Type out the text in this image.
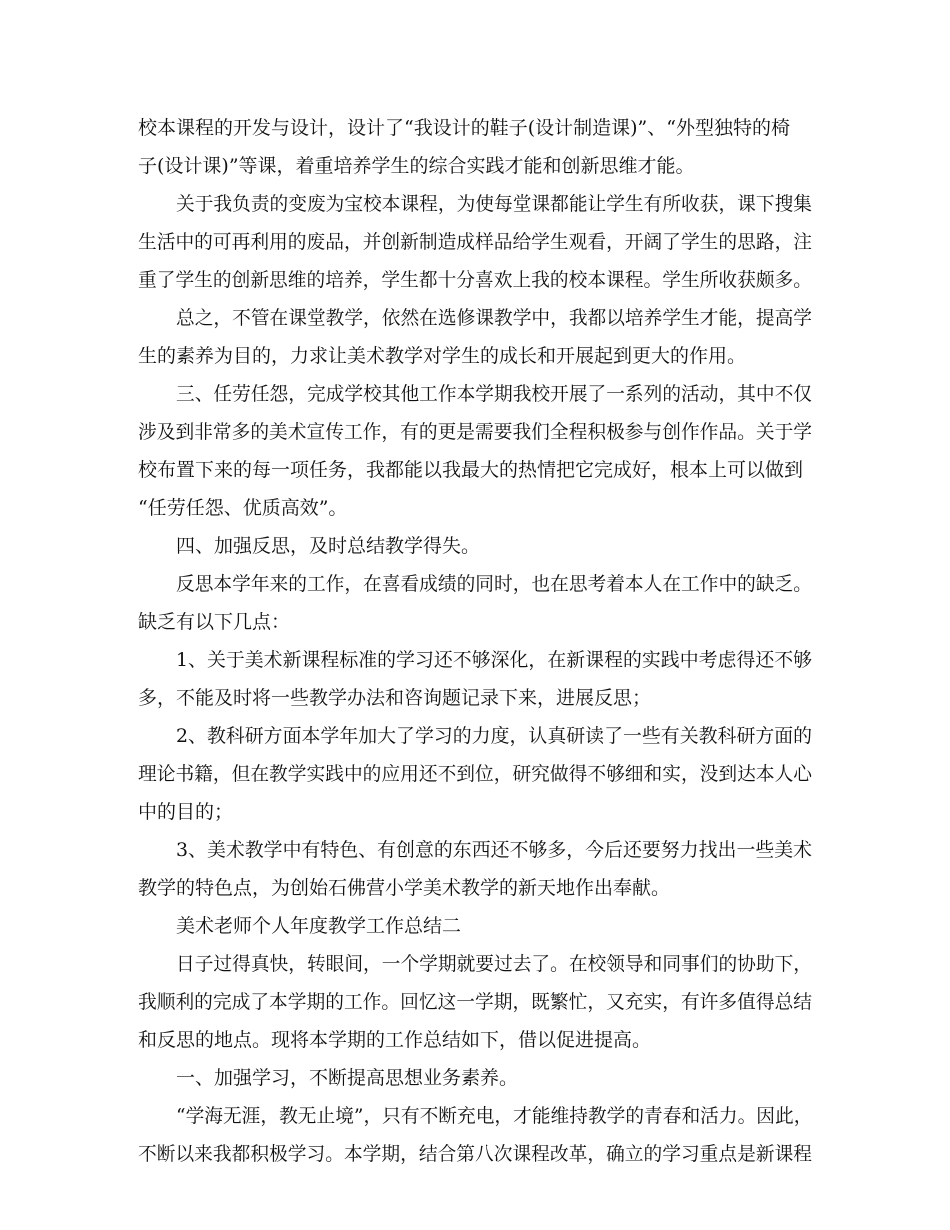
校本课程的开发与设计，设计了“我设计的鞋子(设计制造课)”、“外型独特的椅
子(设计课)”等课，着重培养学生的综合实践才能和创新思维才能。
关于我负责的变废为宝校本课程，为使每堂课都能让学生有所收获，课下搜集
生活中的可再利用的废品，并创新制造成样品给学生观看，开阔了学生的思路，注
重了学生的创新思维的培养，学生都十分喜欢上我的校本课程。学生所收获颇多。
总之，不管在课堂教学，依然在选修课教学中，我都以培养学生才能，提高学
生的素养为目的，力求让美术教学对学生的成长和开展起到更大的作用。
三、任劳任怨，完成学校其他工作本学期我校开展了一系列的活动，其中不仅
涉及到非常多的美术宣传工作，有的更是需要我们全程积极参与创作作品。关于学
校布置下来的每一项任务，我都能以我最大的热情把它完成好，根本上可以做到
“任劳任怨、优质高效”。
四、加强反思，及时总结教学得失。
反思本学年来的工作，在喜看成绩的同时，也在思考着本人在工作中的缺乏。
缺乏有以下几点：
1、关于美术新课程标准的学习还不够深化，在新课程的实践中考虑得还不够
多，不能及时将一些教学办法和咨询题记录下来，进展反思；
2、教科研方面本学年加大了学习的力度，认真研读了一些有关教科研方面的
理论书籍，但在教学实践中的应用还不到位，研究做得不够细和实，没到达本人心
中的目的；
3、美术教学中有特色、有创意的东西还不够多，今后还要努力找出一些美术
教学的特色点，为创始石佛营小学美术教学的新天地作出奉献。
美术老师个人年度教学工作总结二
日子过得真快，转眼间，一个学期就要过去了。在校领导和同事们的协助下，
我顺利的完成了本学期的工作。回忆这一学期，既繁忙，又充实，有许多值得总结
和反思的地点。现将本学期的工作总结如下，借以促进提高。
一、加强学习，不断提高思想业务素养。
“学海无涯，教无止境”，只有不断充电，才能维持教学的青春和活力。因此，
不断以来我都积极学习。本学期，结合第八次课程改革，确立的学习重点是新课程
